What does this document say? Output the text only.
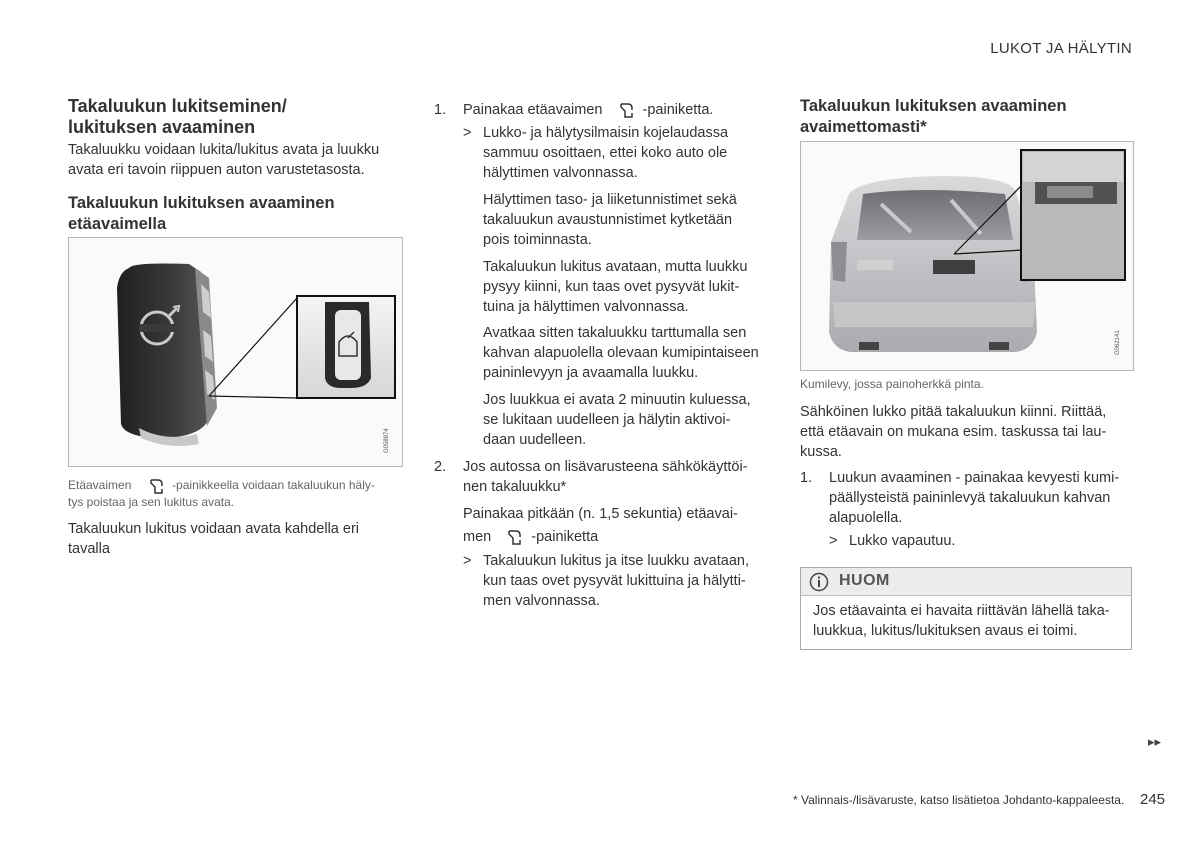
LUKOT JA HÄLYTIN
Takaluukun lukitseminen/
lukituksen avaaminen
Takaluukku voidaan lukita/lukitus avata ja luukku
avata eri tavoin riippuen auton varustetasosta.
Takaluukun lukituksen avaaminen
etäavaimella
G058874
Etäavaimen	-painikkeella voidaan takaluukun häly-
tys poistaa ja sen lukitus avata.
Takaluukun lukitus voidaan avata kahdella eri
tavalla
1. Painakaa etäavaimen	-painiketta.
> Lukko- ja hälytysilmaisin kojelaudassa
sammuu osoittaen, ettei koko auto ole
hälyttimen valvonnassa.
Hälyttimen taso- ja liiketunnistimet sekä
takaluukun avaustunnistimet kytketään
pois toiminnasta.
Takaluukun lukitus avataan, mutta luukku
pysyy kiinni, kun taas ovet pysyvät lukit-
tuina ja hälyttimen valvonnassa.
Avatkaa sitten takaluukku tarttumalla sen
kahvan alapuolella olevaan kumipintaiseen
paininlevyyn ja avaamalla luukku.
Jos luukkua ei avata 2 minuutin kuluessa,
se lukitaan uudelleen ja hälytin aktivoi-
daan uudelleen.
2. Jos autossa on lisävarusteena sähkökäyttöi-
nen takaluukku*
Painakaa pitkään (n. 1,5 sekuntia) etäavai-
men	-painiketta
> Takaluukun lukitus ja itse luukku avataan,
kun taas ovet pysyvät lukittuina ja hälytti-
men valvonnassa.
Takaluukun lukituksen avaaminen
avaimettomasti*
G062141
Kumilevy, jossa painoherkkä pinta.
Sähköinen lukko pitää takaluukun kiinni. Riittää,
että etäavain on mukana esim. taskussa tai lau-
kussa.
1. Luukun avaaminen - painakaa kevyesti kumi-
päällysteistä paininlevyä takaluukun kahvan
alapuolella.
> Lukko vapautuu.
HUOM
Jos etäavainta ei havaita riittävän lähellä taka-
luukkua, lukitus/lukituksen avaus ei toimi.
▸▸
* Valinnais-/lisävaruste, katso lisätietoa Johdanto-kappaleesta. 245
